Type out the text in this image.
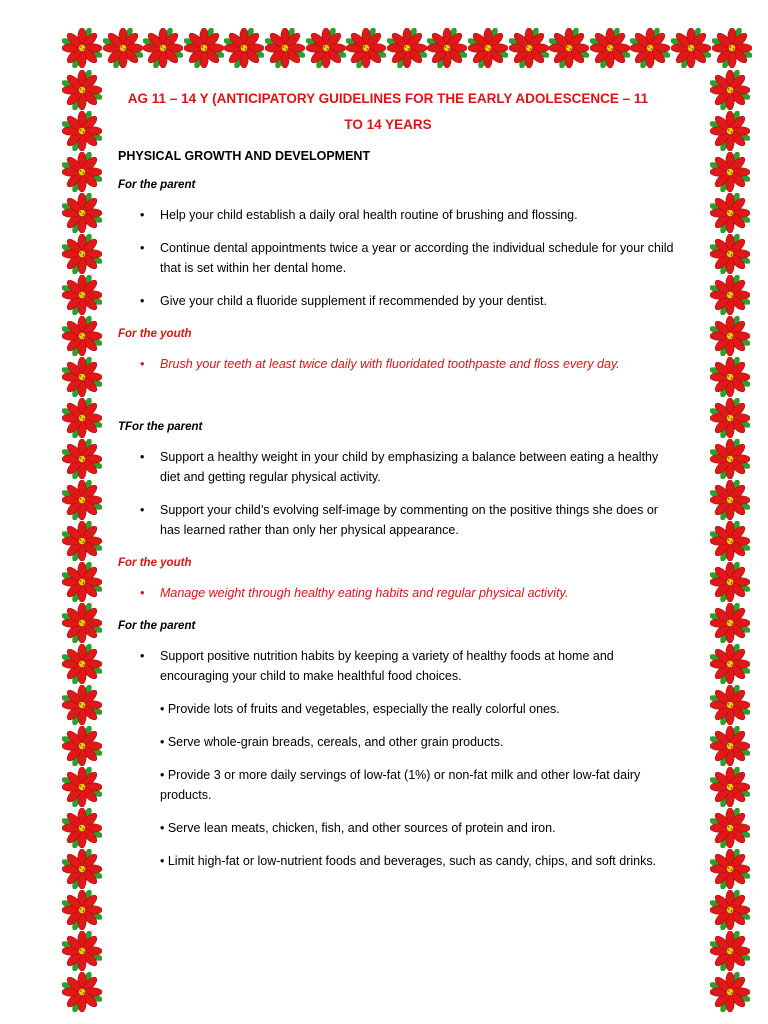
AG 11 – 14 Y (ANTICIPATORY GUIDELINES FOR THE EARLY ADOLESCENCE – 11 TO 14 YEARS
PHYSICAL GROWTH AND DEVELOPMENT
For the parent
• Help your child establish a daily oral health routine of brushing and flossing.
• Continue dental appointments twice a year or according the individual schedule for your child that is set within her dental home.
• Give your child a fluoride supplement if recommended by your dentist.
For the youth
• Brush your teeth at least twice daily with fluoridated toothpaste and floss every day.
TFor the parent
• Support a healthy weight in your child by emphasizing a balance between eating a healthy diet and getting regular physical activity.
• Support your child’s evolving self-image by commenting on the positive things she does or has learned rather than only her physical appearance.
For the youth
• Manage weight through healthy eating habits and regular physical activity.
For the parent
• Support positive nutrition habits by keeping a variety of healthy foods at home and encouraging your child to make healthful food choices.

• Provide lots of fruits and vegetables, especially the really colorful ones.

• Serve whole-grain breads, cereals, and other grain products.

• Provide 3 or more daily servings of low-fat (1%) or non-fat milk and other low-fat dairy products.

• Serve lean meats, chicken, fish, and other sources of protein and iron.

• Limit high-fat or low-nutrient foods and beverages, such as candy, chips, and soft drinks.
